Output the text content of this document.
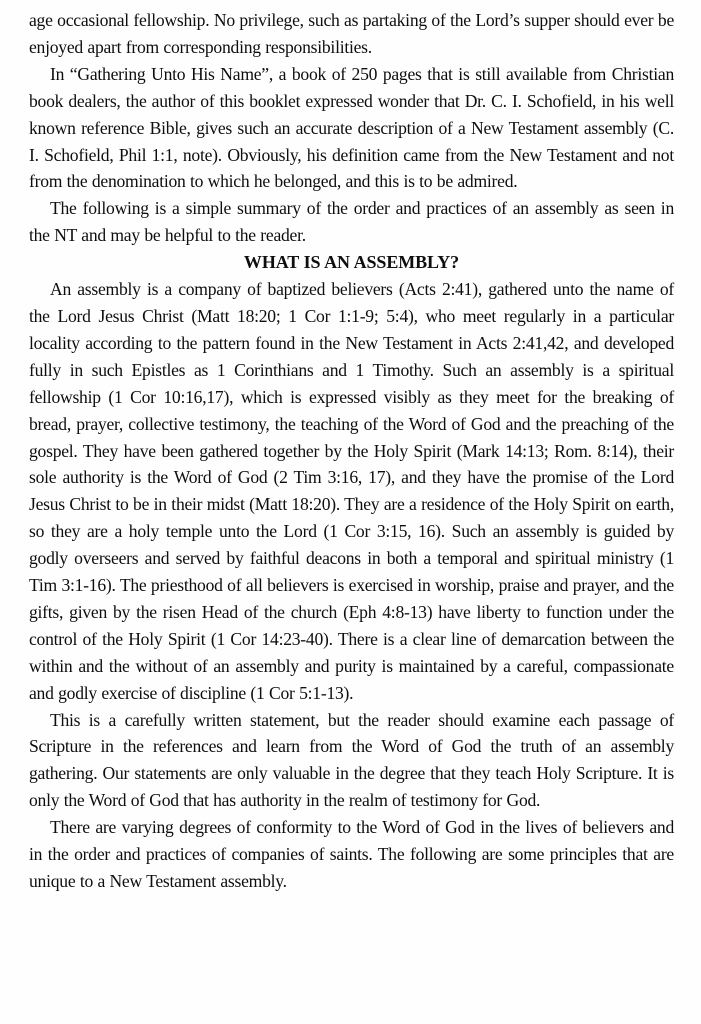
age occasional fellowship. No privilege, such as partaking of the Lord’s supper should ever be enjoyed apart from corresponding responsibilities.

In “Gathering Unto His Name”, a book of 250 pages that is still available from Christian book dealers, the author of this booklet expressed wonder that Dr. C. I. Schofield, in his well known reference Bible, gives such an accurate description of a New Testament assembly (C. I. Schofield, Phil 1:1, note). Obviously, his definition came from the New Testament and not from the denomination to which he belonged, and this is to be admired.

The following is a simple summary of the order and practices of an assembly as seen in the NT and may be helpful to the reader.

WHAT IS AN ASSEMBLY?

An assembly is a company of baptized believers (Acts 2:41), gathered unto the name of the Lord Jesus Christ (Matt 18:20; 1 Cor 1:1-9; 5:4), who meet regularly in a particular locality according to the pattern found in the New Testament in Acts 2:41,42, and developed fully in such Epistles as 1 Corinthians and 1 Timothy. Such an assembly is a spiritual fellowship (1 Cor 10:16,17), which is expressed visibly as they meet for the breaking of bread, prayer, collective testimony, the teaching of the Word of God and the preaching of the gospel. They have been gathered together by the Holy Spirit (Mark 14:13; Rom. 8:14), their sole authority is the Word of God (2 Tim 3:16, 17), and they have the promise of the Lord Jesus Christ to be in their midst (Matt 18:20). They are a residence of the Holy Spirit on earth, so they are a holy temple unto the Lord (1 Cor 3:15, 16). Such an assembly is guided by godly overseers and served by faithful deacons in both a temporal and spiritual ministry (1 Tim 3:1-16). The priesthood of all believers is exercised in worship, praise and prayer, and the gifts, given by the risen Head of the church (Eph 4:8-13) have liberty to function under the control of the Holy Spirit (1 Cor 14:23-40). There is a clear line of demarcation between the within and the without of an assembly and purity is maintained by a careful, compassionate and godly exercise of discipline (1 Cor 5:1-13).

This is a carefully written statement, but the reader should examine each passage of Scripture in the references and learn from the Word of God the truth of an assembly gathering. Our statements are only valuable in the degree that they teach Holy Scripture. It is only the Word of God that has authority in the realm of testimony for God.

There are varying degrees of conformity to the Word of God in the lives of believers and in the order and practices of companies of saints. The following are some principles that are unique to a New Testament assembly.
